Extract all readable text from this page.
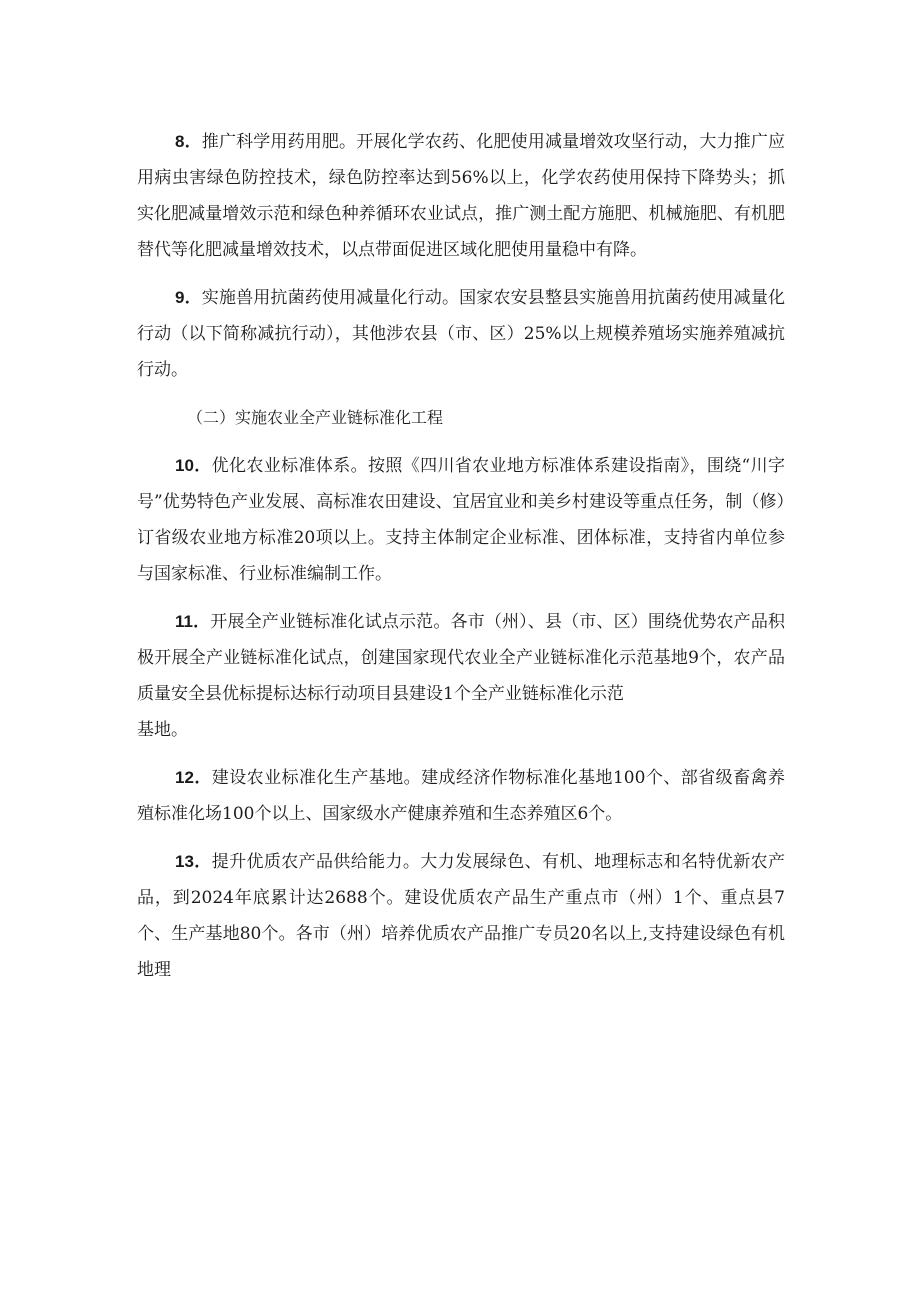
8．推广科学用药用肥。开展化学农药、化肥使用减量增效攻坚行动，大力推广应用病虫害绿色防控技术，绿色防控率达到56%以上，化学农药使用保持下降势头；抓实化肥减量增效示范和绿色种养循环农业试点，推广测土配方施肥、机械施肥、有机肥替代等化肥减量增效技术，以点带面促进区域化肥使用量稳中有降。

9．实施兽用抗菌药使用减量化行动。国家农安县整县实施兽用抗菌药使用减量化行动（以下简称减抗行动），其他涉农县（市、区）25%以上规模养殖场实施养殖减抗行动。

（二）实施农业全产业链标准化工程

10．优化农业标准体系。按照《四川省农业地方标准体系建设指南》，围绕“川字号”优势特色产业发展、高标准农田建设、宜居宜业和美乡村建设等重点任务，制（修）订省级农业地方标准20项以上。支持主体制定企业标准、团体标准，支持省内单位参与国家标准、行业标准编制工作。

11．开展全产业链标准化试点示范。各市（州）、县（市、区）围绕优势农产品积极开展全产业链标准化试点，创建国家现代农业全产业链标准化示范基地9个，农产品质量安全县优标提标达标行动项目县建设1个全产业链标准化示范

基地。

12．建设农业标准化生产基地。建成经济作物标准化基地100个、部省级畜禽养殖标准化场100个以上、国家级水产健康养殖和生态养殖区6个。

13．提升优质农产品供给能力。大力发展绿色、有机、地理标志和名特优新农产品，到2024年底累计达2688个。建设优质农产品生产重点市（州）1个、重点县7个、生产基地80个。各市（州）培养优质农产品推广专员20名以上,支持建设绿色有机地理
